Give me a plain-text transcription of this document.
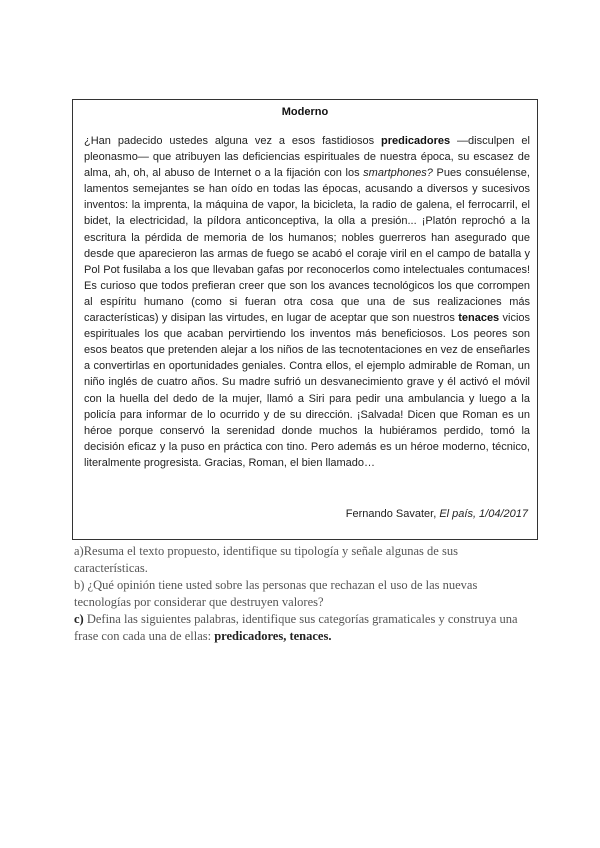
Moderno
¿Han padecido ustedes alguna vez a esos fastidiosos predicadores —disculpen el pleonasmo— que atribuyen las deficiencias espirituales de nuestra época, su escasez de alma, ah, oh, al abuso de Internet o a la fijación con los smartphones? Pues consuélense, lamentos semejantes se han oído en todas las épocas, acusando a diversos y sucesivos inventos: la imprenta, la máquina de vapor, la bicicleta, la radio de galena, el ferrocarril, el bidet, la electricidad, la píldora anticonceptiva, la olla a presión... ¡Platón reprochó a la escritura la pérdida de memoria de los humanos; nobles guerreros han asegurado que desde que aparecieron las armas de fuego se acabó el coraje viril en el campo de batalla y Pol Pot fusilaba a los que llevaban gafas por reconocerlos como intelectuales contumaces! Es curioso que todos prefieran creer que son los avances tecnológicos los que corrompen al espíritu humano (como si fueran otra cosa que una de sus realizaciones más características) y disipan las virtudes, en lugar de aceptar que son nuestros tenaces vicios espirituales los que acaban pervirtiendo los inventos más beneficiosos. Los peores son esos beatos que pretenden alejar a los niños de las tecnotentaciones en vez de enseñarles a convertirlas en oportunidades geniales. Contra ellos, el ejemplo admirable de Roman, un niño inglés de cuatro años. Su madre sufrió un desvanecimiento grave y él activó el móvil con la huella del dedo de la mujer, llamó a Siri para pedir una ambulancia y luego a la policía para informar de lo ocurrido y de su dirección. ¡Salvada! Dicen que Roman es un héroe porque conservó la serenidad donde muchos la hubiéramos perdido, tomó la decisión eficaz y la puso en práctica con tino. Pero además es un héroe moderno, técnico, literalmente progresista. Gracias, Roman, el bien llamado…
Fernando Savater, El país, 1/04/2017

a)Resuma el texto propuesto, identifique su tipología y señale algunas de sus características.

b) ¿Qué opinión tiene usted sobre las personas que rechazan el uso de las nuevas tecnologías por considerar que destruyen valores?

c) Defina las siguientes palabras, identifique sus categorías gramaticales y construya una frase con cada una de ellas: predicadores, tenaces.
